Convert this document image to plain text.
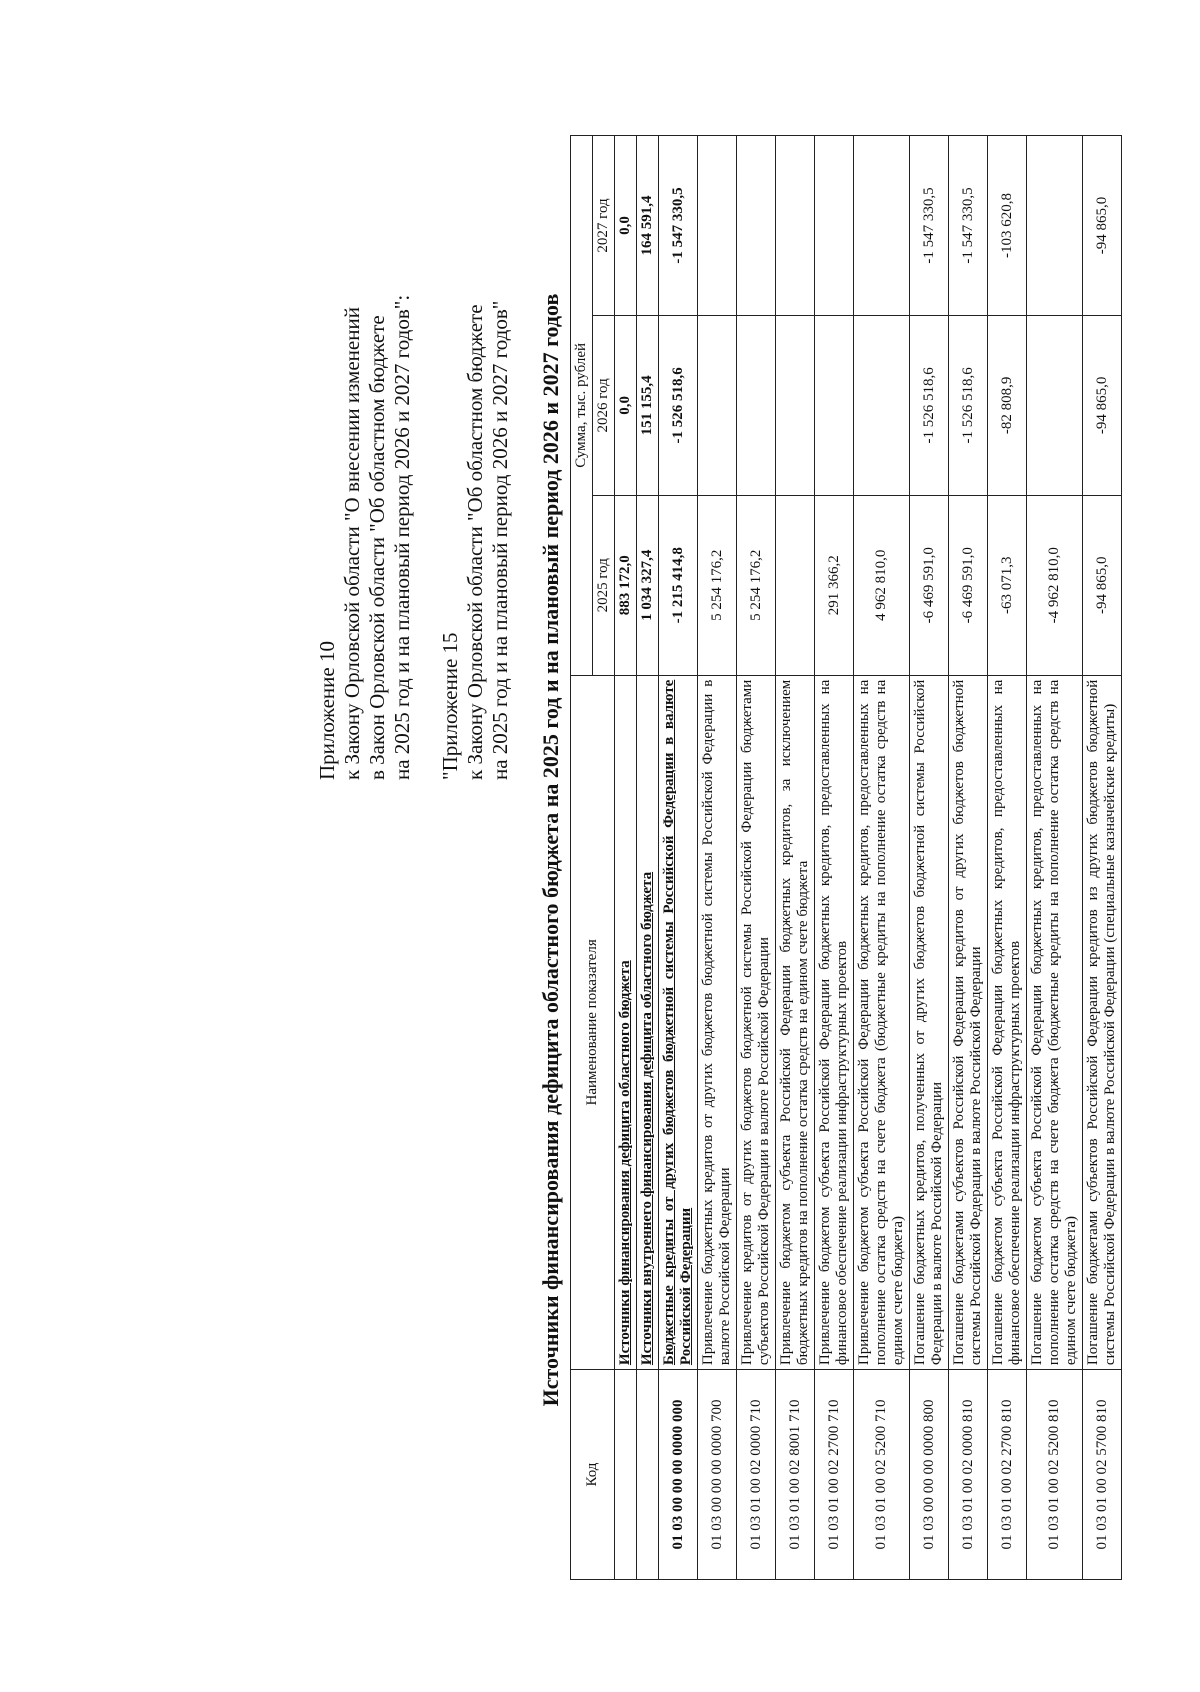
Приложение 10 к Закону Орловской области "О внесении изменений в Закон Орловской области "Об областном бюджете на 2025 год и на плановый период 2026 и 2027 годов": "Приложение 15 к Закону Орловской области "Об областном бюджете на 2025 год и на плановый период 2026 и 2027 годов" Источники финансирования дефицита областного бюджета на 2025 год и на плановый период 2026 и 2027 годов
Код	Наименование показателя	Сумма, тыс. рублей		
		2025 год	2026 год	2027 год
	Источники финансирования дефицита областного бюджета	883 172,0	0,0	0,0
	Источники внутреннего финансирования дефицита областного бюджета	1 034 327,4	151 155,4	164 591,4
01 03 00 00 00 0000 000	Бюджетные кредиты от других бюджетов бюджетной системы Российской Федерации в валюте Российской Федерации	-1 215 414,8	-1 526 518,6	-1 547 330,5
01 03 00 00 00 0000 700	Привлечение бюджетных кредитов от других бюджетов бюджетной системы Российской Федерации в валюте Российской Федерации	5 254 176,2		
01 03 01 00 02 0000 710	Привлечение кредитов от других бюджетов бюджетной системы Российской Федерации бюджетами субъектов Российской Федерации в валюте Российской Федерации	5 254 176,2		
01 03 01 00 02 8001 710	Привлечение бюджетом субъекта Российской Федерации бюджетных кредитов, за исключением бюджетных кредитов на пополнение остатка средств на едином счете бюджета			
01 03 01 00 02 2700 710	Привлечение бюджетом субъекта Российской Федерации бюджетных кредитов, предоставленных на финансовое обеспечение реализации инфраструктурных проектов	291 366,2		
01 03 01 00 02 5200 710	Привлечение бюджетом субъекта Российской Федерации бюджетных кредитов, предоставленных на пополнение остатка средств на счете бюджета (бюджетные кредиты на пополнение остатка средств на едином счете бюджета)	4 962 810,0		
01 03 00 00 00 0000 800	Погашение бюджетных кредитов, полученных от других бюджетов бюджетной системы Российской Федерации в валюте Российской Федерации	-6 469 591,0	-1 526 518,6	-1 547 330,5
01 03 01 00 02 0000 810	Погашение бюджетами субъектов Российской Федерации кредитов от других бюджетов бюджетной системы Российской Федерации в валюте Российской Федерации	-6 469 591,0	-1 526 518,6	-1 547 330,5
01 03 01 00 02 2700 810	Погашение бюджетом субъекта Российской Федерации бюджетных кредитов, предоставленных на финансовое обеспечение реализации инфраструктурных проектов	-63 071,3	-82 808,9	-103 620,8
01 03 01 00 02 5200 810	Погашение бюджетом субъекта Российской Федерации бюджетных кредитов, предоставленных на пополнение остатка средств на счете бюджета (бюджетные кредиты на пополнение остатка средств на едином счете бюджета)	-4 962 810,0		
01 03 01 00 02 5700 810	Погашение бюджетами субъектов Российской Федерации кредитов из других бюджетов бюджетной системы Российской Федерации в валюте Российской Федерации (специальные казначейские кредиты)	-94 865,0	-94 865,0	-94 865,0
